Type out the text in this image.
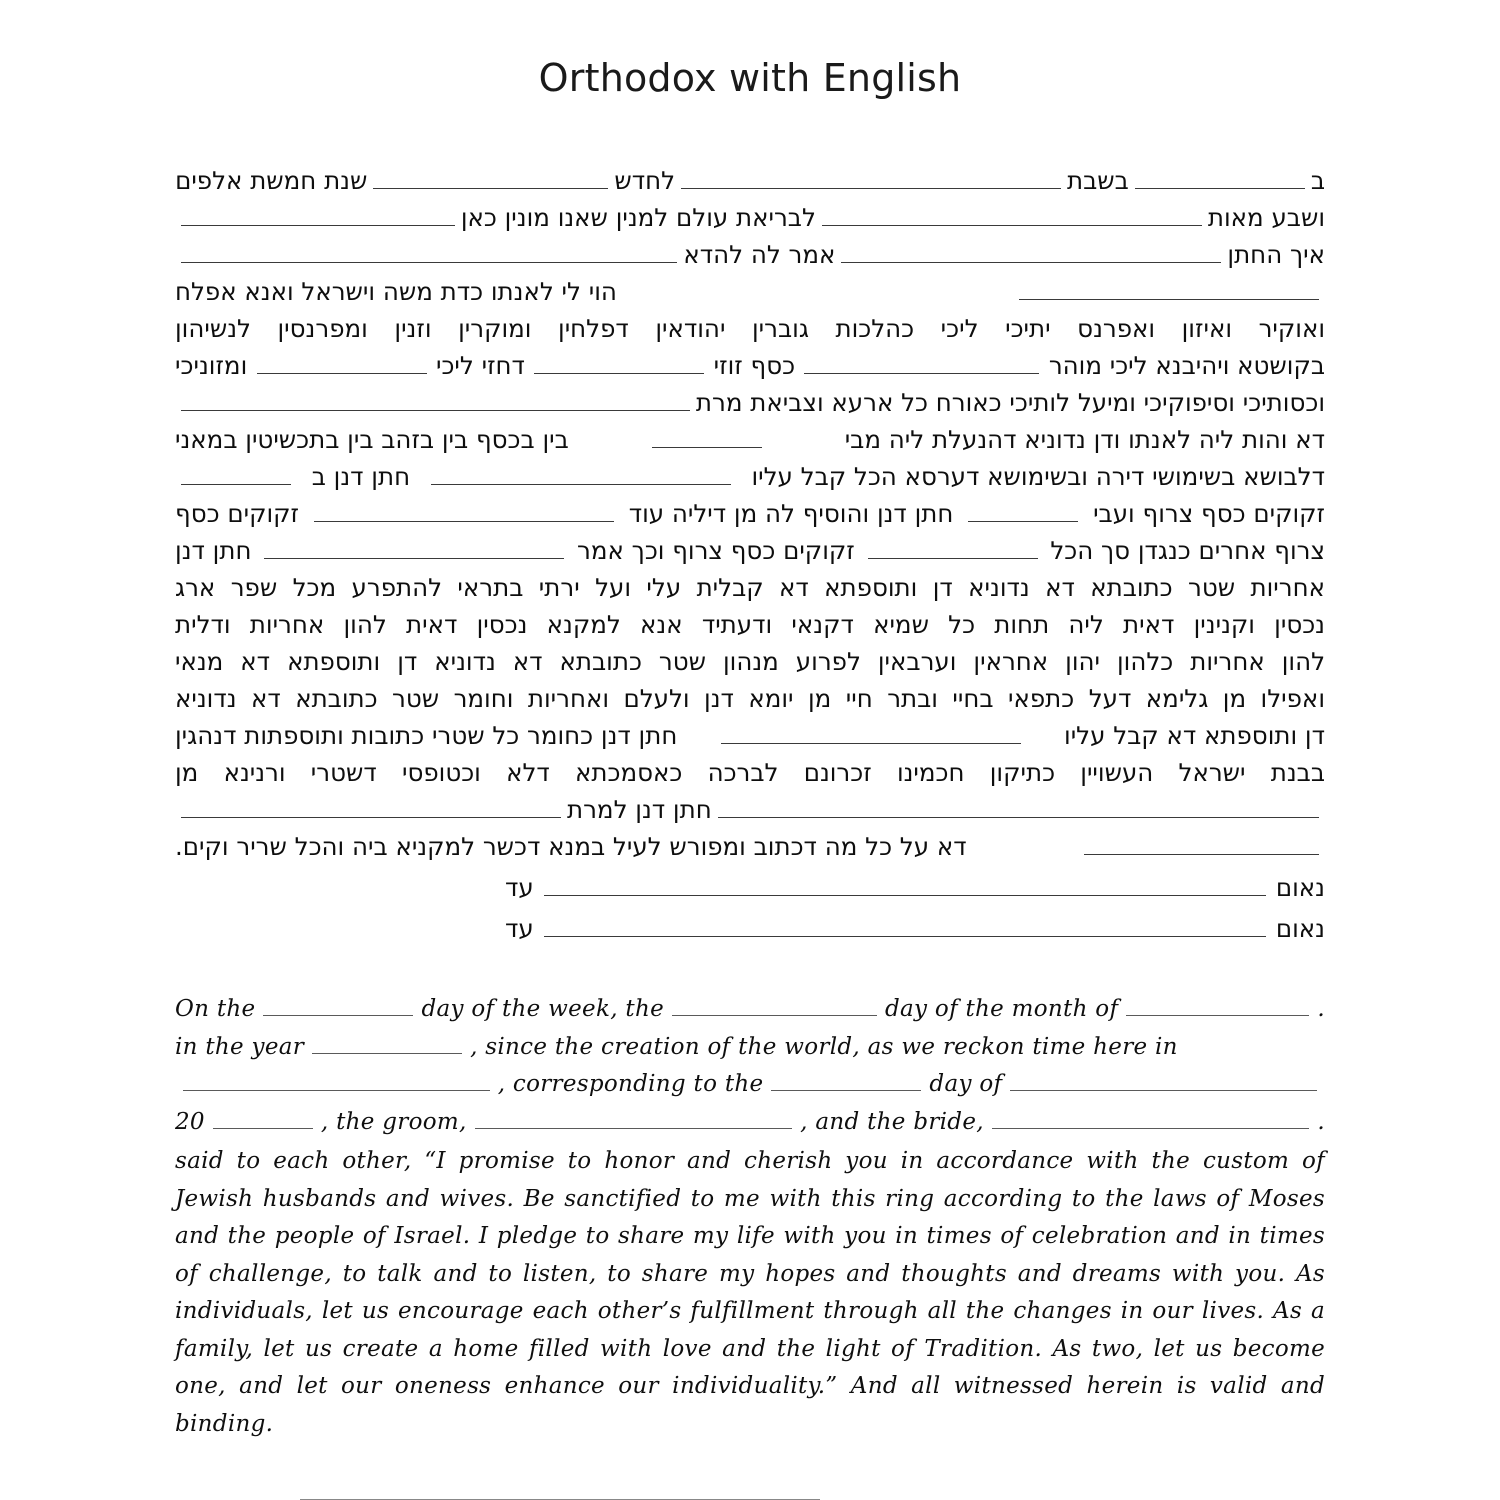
Orthodox with English
ב
בשבת
לחדש
שנת חמשת אלפים
ושבע מאות
לבריאת עולם למנין שאנו מונין כאן
איך החתן
אמר לה להדא
הוי לי לאנתו כדת משה וישראל ואנא אפלח
ואוקיר ואיזון ואפרנס יתיכי ליכי כהלכות גוברין יהודאין דפלחין ומוקרין וזנין ומפרנסין לנשיהון
בקושטא ויהיבנא ליכי מוהר
כסף זוזי
דחזי ליכי
ומזוניכי
וכסותיכי וסיפוקיכי ומיעל לותיכי כאורח כל ארעא וצביאת מרת
דא והות ליה לאנתו ודן נדוניא דהנעלת ליה מבי
בין בכסף בין בזהב בין בתכשיטין במאני
דלבושא בשימושי דירה ובשימושא דערסא הכל קבל עליו
חתן דנן ב
זקוקים כסף צרוף ועבי
חתן דנן והוסיף לה מן דיליה עוד
זקוקים כסף
צרוף אחרים כנגדן סך הכל
זקוקים כסף צרוף וכך אמר
חתן דנן
אחריות שטר כתובתא דא נדוניא דן ותוספתא דא קבלית עלי ועל ירתי בתראי להתפרע מכל שפר ארג
נכסין וקנינין דאית ליה תחות כל שמיא דקנאי ודעתיד אנא למקנא נכסין דאית להון אחריות ודלית
להון אחריות כלהון יהון אחראין וערבאין לפרוע מנהון שטר כתובתא דא נדוניא דן ותוספתא דא מנאי
ואפילו מן גלימא דעל כתפאי בחיי ובתר חיי מן יומא דנן ולעלם ואחריות וחומר שטר כתובתא דא נדוניא
דן ותוספתא דא קבל עליו
חתן דנן כחומר כל שטרי כתובות ותוספתות דנהגין
בבנת ישראל העשויין כתיקון חכמינו זכרונם לברכה כאסמכתא דלא וכטופסי דשטרי ורנינא מן
חתן דנן למרת
דא על כל מה דכתוב ומפורש לעיל במנא דכשר למקניא ביה והכל שריר וקים.
נאום
עד
נאום
עד
On the	day of the week, the	day of the month of	.
in the year	, since the creation of the world, as we reckon time here in
, corresponding to the	day of
20	, the groom,	, and the bride,	.
said to each other, “I promise to honor and cherish you in accordance with the custom of Jewish husbands and wives. Be sanctified to me with this ring according to the laws of Moses and the people of Israel. I pledge to share my life with you in times of celebration and in times of challenge, to talk and to listen, to share my hopes and thoughts and dreams with you. As individuals, let us encourage each other’s fulfillment through all the changes in our lives. As a family, let us create a home filled with love and the light of Tradition. As two, let us become one, and let our oneness enhance our individuality.” And all witnessed herein is valid and binding.
